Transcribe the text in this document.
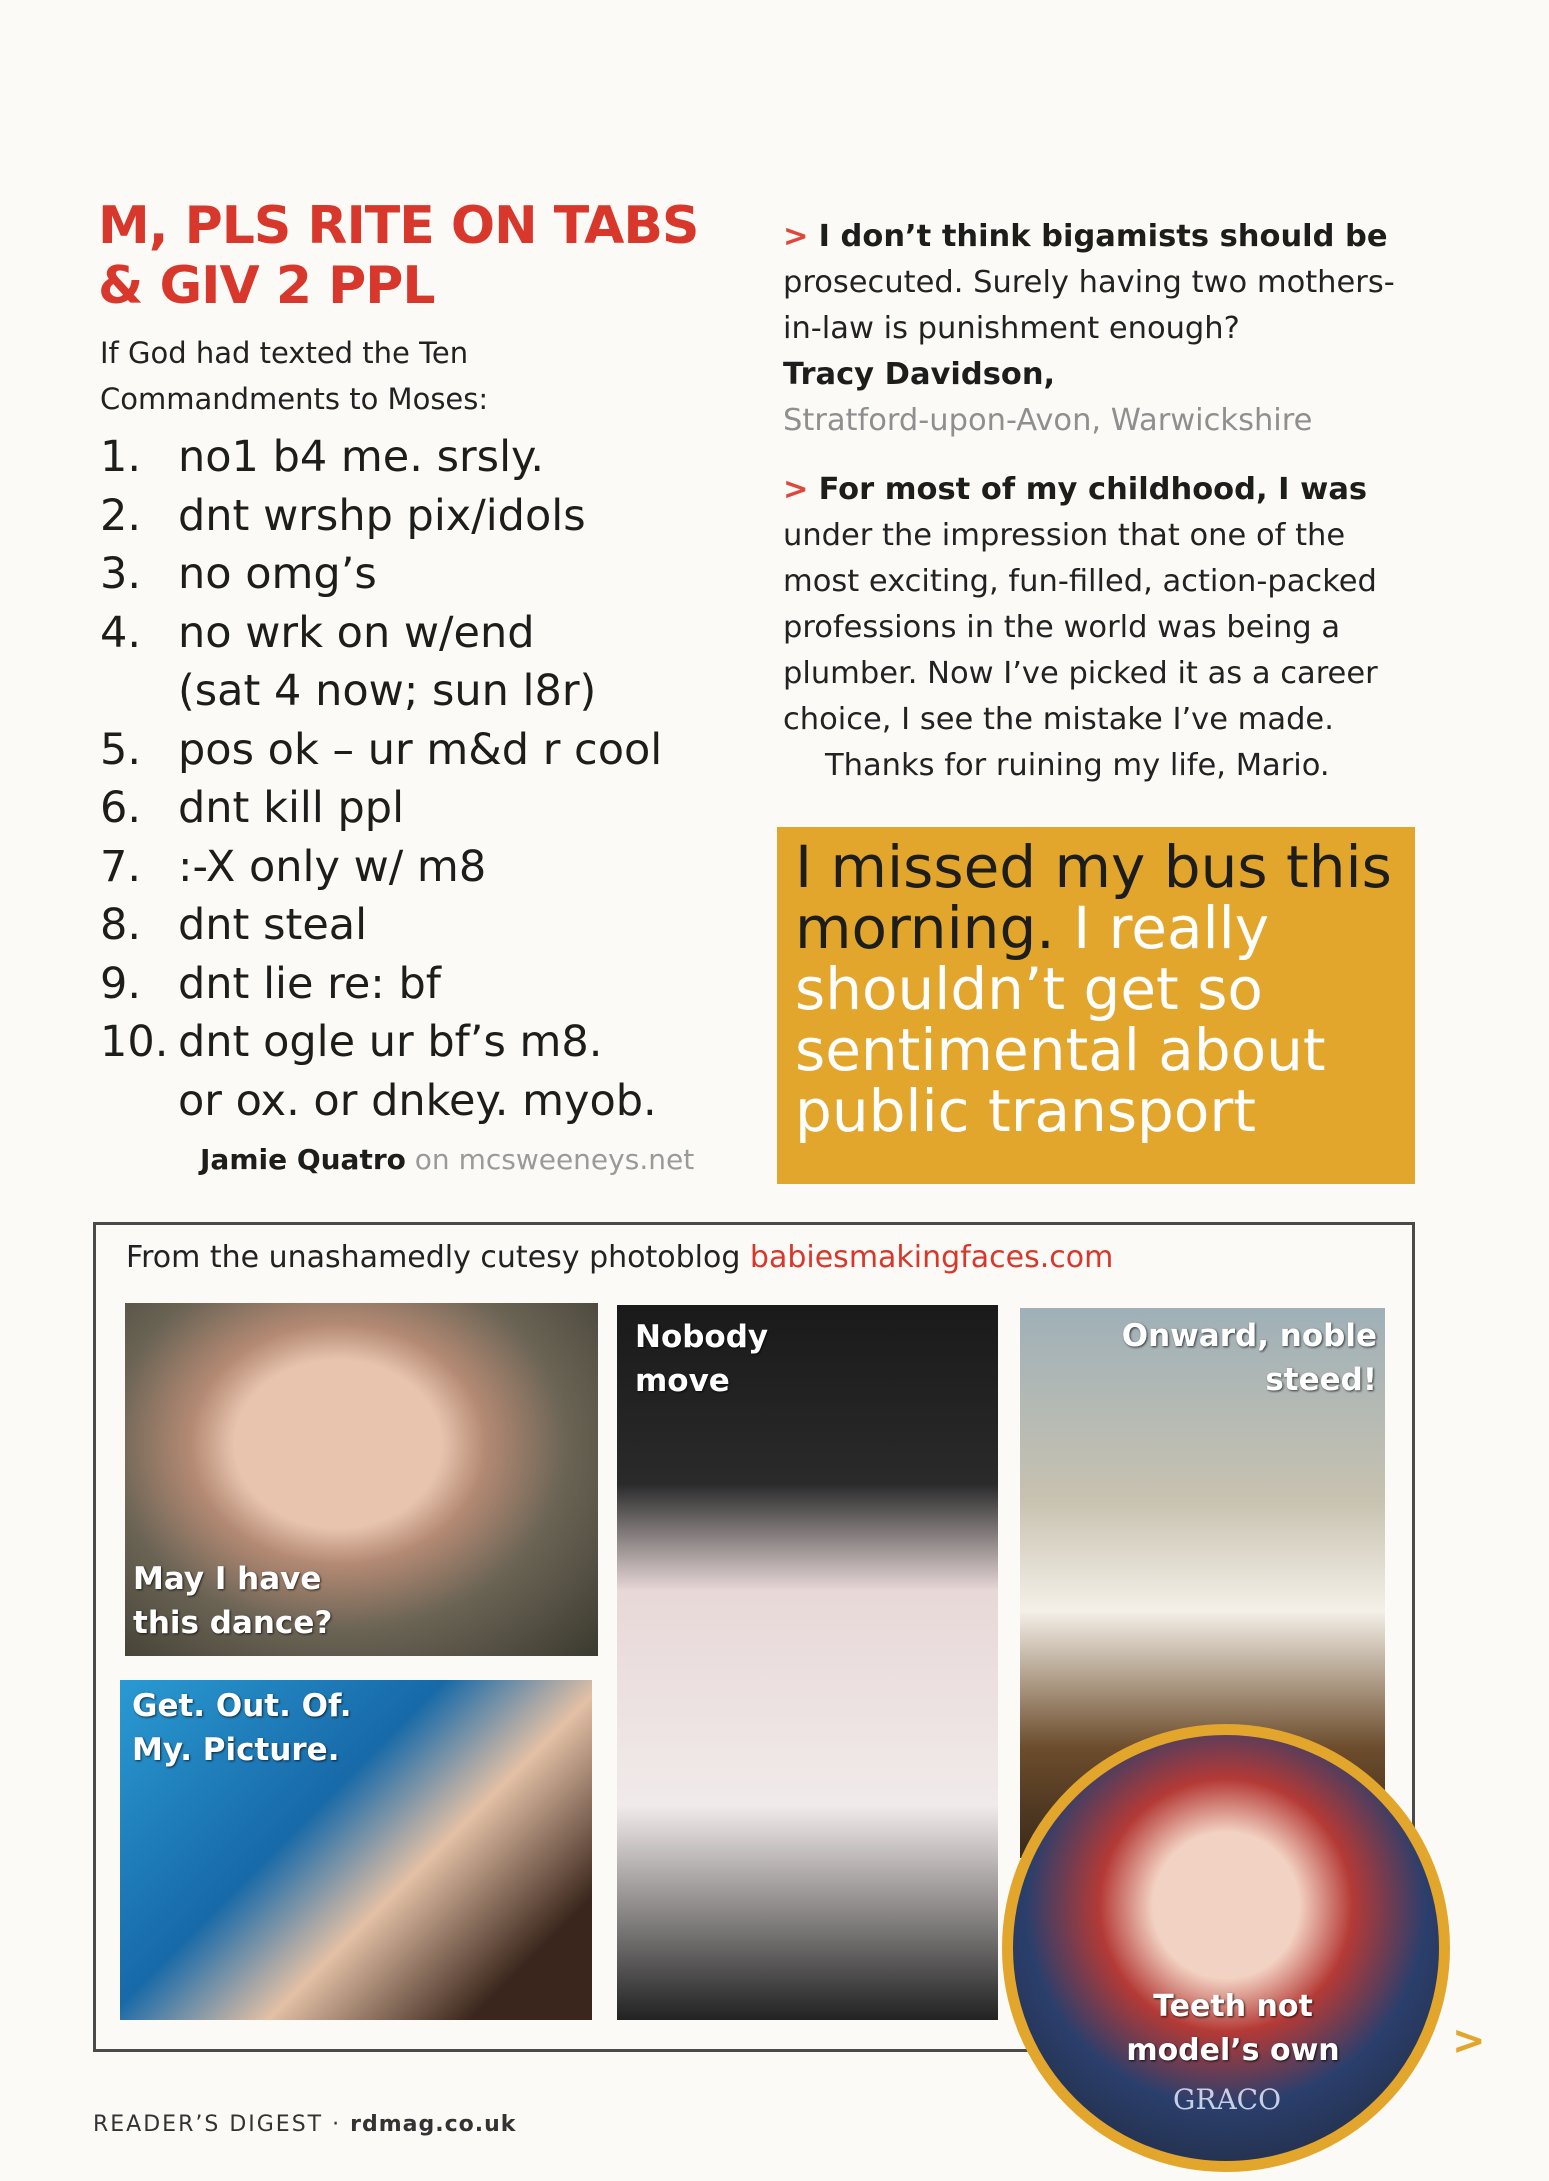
M, PLS RITE ON TABS
& GIV 2 PPL
If God had texted the Ten Commandments to Moses:
1. no1 b4 me. srsly.
2. dnt wrshp pix/idols
3. no omg’s
4. no wrk on w/end
(sat 4 now; sun l8r)
5. pos ok – ur m&d r cool
6. dnt kill ppl
7. :-X only w/ m8
8. dnt steal
9. dnt lie re: bf
10. dnt ogle ur bf’s m8.
or ox. or dnkey. myob.
Jamie Quatro on mcsweeneys.net
> I don’t think bigamists should be prosecuted. Surely having two mothers-in-law is punishment enough?
Tracy Davidson,
Stratford-upon-Avon, Warwickshire
> For most of my childhood, I was under the impression that one of the most exciting, fun-filled, action-packed professions in the world was being a plumber. Now I’ve picked it as a career choice, I see the mistake I’ve made.
Thanks for ruining my life, Mario.
I missed my bus this morning. I really shouldn’t get so sentimental about public transport
From the unashamedly cutesy photoblog babiesmakingfaces.com
May I have
this dance?
Get. Out. Of.
My. Picture.
Nobody
move
Onward, noble
steed!
Teeth not
model’s own
GRACO
>
READER’S DIGEST · rdmag.co.uk
